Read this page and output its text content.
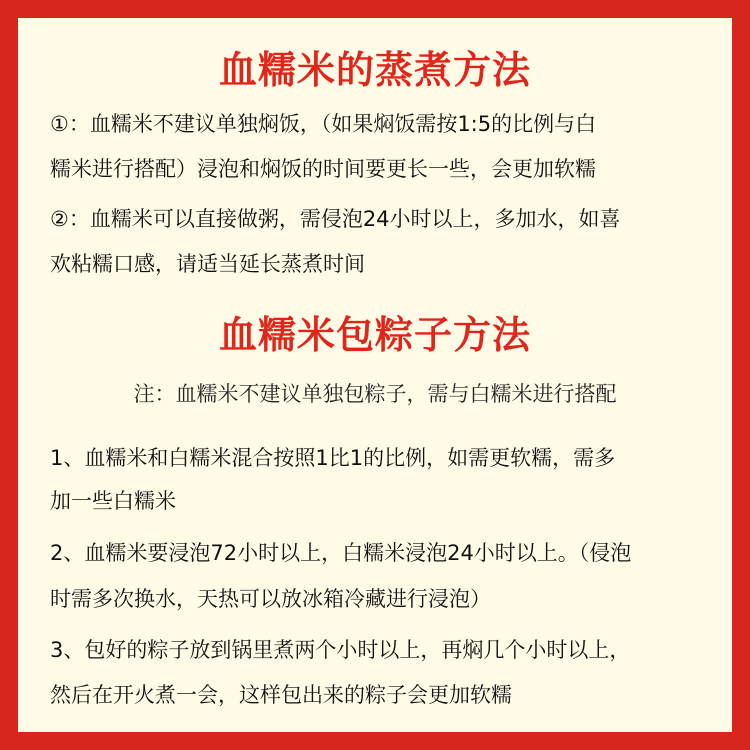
血糯米的蒸煮方法
①：血糯米不建议单独焖饭，（如果焖饭需按1:5的比例与白
糯米进行搭配）浸泡和焖饭的时间要更长一些，会更加软糯
②：血糯米可以直接做粥，需侵泡24小时以上，多加水，如喜
欢粘糯口感，请适当延长蒸煮时间
血糯米包粽子方法
注：血糯米不建议单独包粽子，需与白糯米进行搭配
1、血糯米和白糯米混合按照1比1的比例，如需更软糯，需多
加一些白糯米
2、血糯米要浸泡72小时以上，白糯米浸泡24小时以上。（侵泡
时需多次换水，天热可以放冰箱冷藏进行浸泡）
3、包好的粽子放到锅里煮两个小时以上，再焖几个小时以上，
然后在开火煮一会，这样包出来的粽子会更加软糯
